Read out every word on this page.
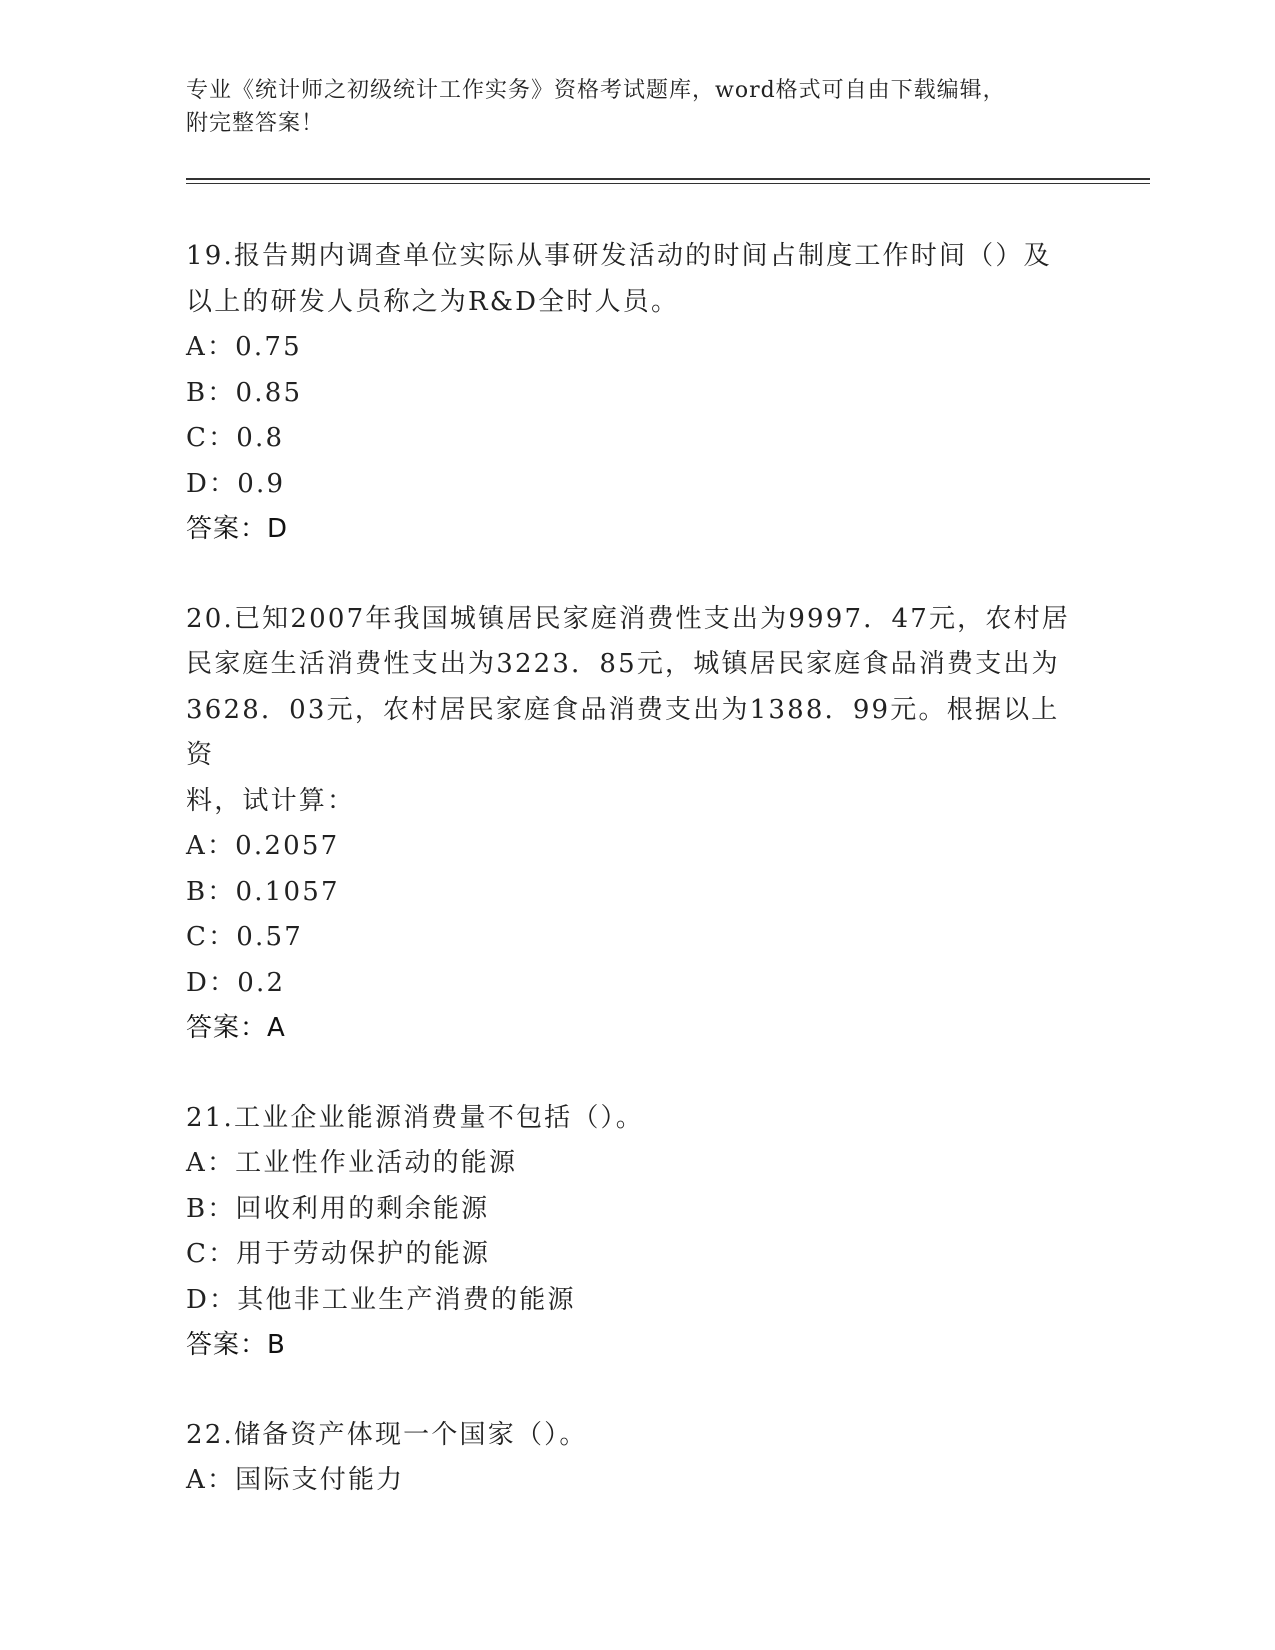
专业《统计师之初级统计工作实务》资格考试题库，word格式可自由下载编辑，
附完整答案！

19.报告期内调查单位实际从事研发活动的时间占制度工作时间（）及

以上的研发人员称之为R&D全时人员。

A：0.75

B：0.85

C：0.8

D：0.9

答案：D

20.已知2007年我国城镇居民家庭消费性支出为9997．47元，农村居

民家庭生活消费性支出为3223．85元，城镇居民家庭食品消费支出为

3628．03元，农村居民家庭食品消费支出为1388．99元。根据以上资

料，试计算：

A：0.2057

B：0.1057

C：0.57

D：0.2

答案：A

21.工业企业能源消费量不包括（）。

A：工业性作业活动的能源

B：回收利用的剩余能源

C：用于劳动保护的能源

D：其他非工业生产消费的能源

答案：B

22.储备资产体现一个国家（）。

A：国际支付能力
